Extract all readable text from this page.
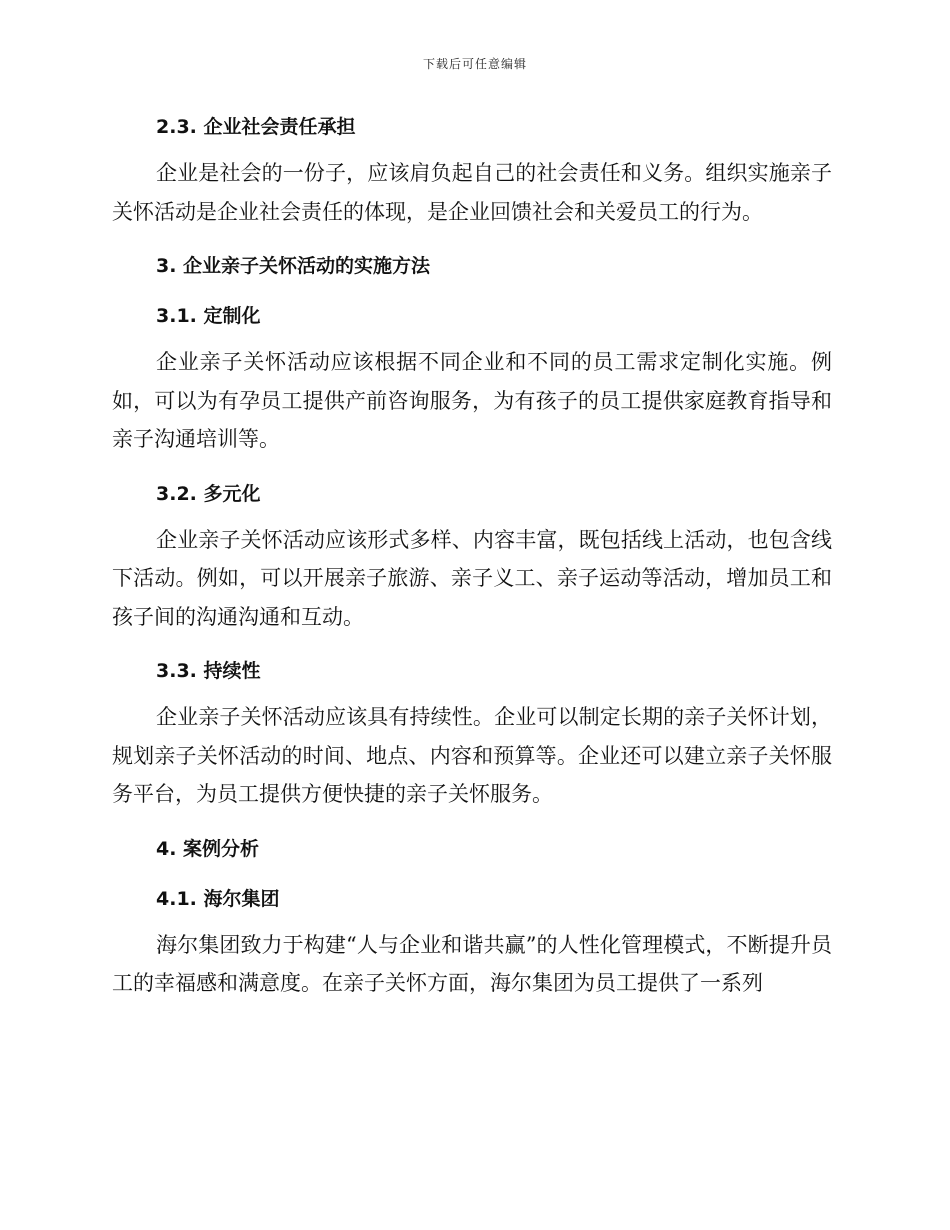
下载后可任意编辑
2.3. 企业社会责任承担

企业是社会的一份子，应该肩负起自己的社会责任和义务。组织实施亲子关怀活动是企业社会责任的体现，是企业回馈社会和关爱员工的行为。

3. 企业亲子关怀活动的实施方法
3.1. 定制化

企业亲子关怀活动应该根据不同企业和不同的员工需求定制化实施。例如，可以为有孕员工提供产前咨询服务，为有孩子的员工提供家庭教育指导和亲子沟通培训等。

3.2. 多元化

企业亲子关怀活动应该形式多样、内容丰富，既包括线上活动，也包含线下活动。例如，可以开展亲子旅游、亲子义工、亲子运动等活动，增加员工和孩子间的沟通沟通和互动。

3.3. 持续性

企业亲子关怀活动应该具有持续性。企业可以制定长期的亲子关怀计划，规划亲子关怀活动的时间、地点、内容和预算等。企业还可以建立亲子关怀服务平台，为员工提供方便快捷的亲子关怀服务。

4. 案例分析
4.1. 海尔集团

海尔集团致力于构建“人与企业和谐共赢”的人性化管理模式，不断提升员工的幸福感和满意度。在亲子关怀方面，海尔集团为员工提供了一系列
